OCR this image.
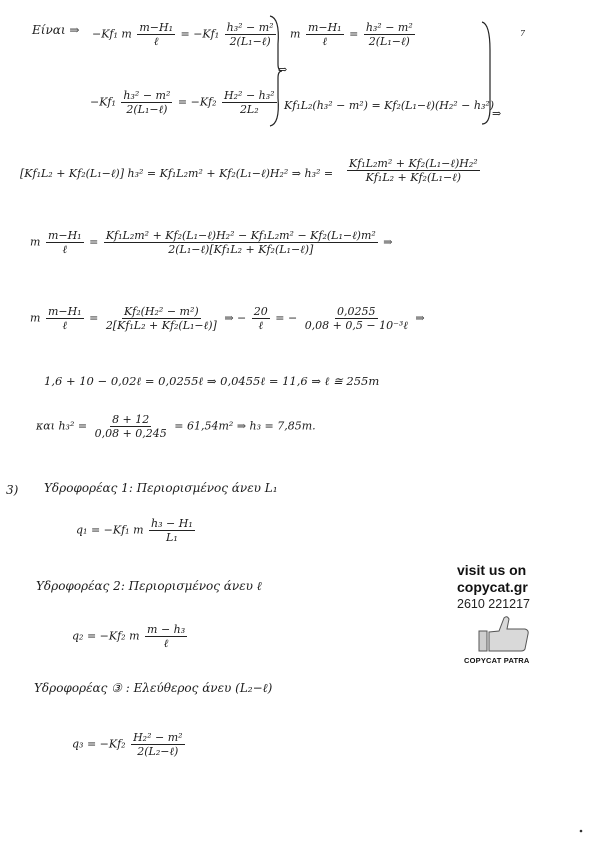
Είναι ⇒ −Kf₁ m $\frac{\text{m−H₁}}{\text{ℓ}} = -Kf_1 \frac{\text{h₃² − m²}}{\text{2(L₁−ℓ)}}$ m $\frac{\text{m−H₁}}{\text{ℓ}} = \frac{\text{h₃² − m²}}{\text{2(L₁−ℓ)}}$	7
$-Kf_1 \frac{\text{h₃² − m²}}{\text{2(L₁−ℓ)}} = -Kf_2 \frac{\text{H₂² − h₃²}}{\text{2L₂}} Kf_1L_2(h_3^2 - m^2)$ = Kf₂(L₁−ℓ)(H₂² − h₃²)
⇒
⇒
[Kf₁L₂ + Kf₂(L₁−ℓ)] h₃² = Kf₁L₂m² + Kf₂(L₁−ℓ)H₂² ⇒ $h_3^2 = \frac{\text{Kf₁L₂m² + Kf₂(L₁−ℓ)H₂²}}{\text{Kf₁L₂ + Kf₂(L₁−ℓ)}}$
m $\frac{\text{m−H₁}}{\text{ℓ}} = \frac{\text{Kf₁L₂m² + Kf₂(L₁−ℓ)H₂² − Kf₁L₂m² − Kf₂(L₁−ℓ)m²}}{\text{2(L₁−ℓ)[Kf₁L₂ + Kf₂(L₁−ℓ)]}}$ ⇒
m $\frac{\text{m−H₁}}{\text{ℓ}} = \frac{\text{Kf₂(H₂² − m²)}}{\text{2[Kf₁L₂ + Kf₂(L₁−ℓ)]}}$ ⇒ − $\frac{20}{\text{ℓ}}$ = − $\frac{0,0255}{\text{0,08 + 0,5 − 10⁻³ℓ}}$ ⇒
1,6 + 10 − 0,02ℓ = 0,0255ℓ ⇒ 0,0455ℓ = 11,6 ⇒ ℓ ≅ 255m
και $h_3^2 = \frac{8 + 12}{0,08 + 0,245} = 61,54m^2$ ⇒ h₃ = 7,85m.
3) Υδροφορέας 1: Περιορισμένος άνευ L₁
q₁ = −Kf₁ m $\frac{\text{h₃ − H₁}}{\text{L₁}}$
Υδροφορέας 2: Περιορισμένος άνευ ℓ
q₂ = −Kf₂ m $\frac{\text{m − h₃}}{\text{ℓ}}$
Υδροφορέας ③ : Ελεύθερος άνευ (L₂−ℓ)
$q_3 = -Kf_2 \frac{\text{H₂² − m²}}{\text{2(L₂−ℓ)}}$
visit us on
copycat.gr
2610 221217
COPYCAT PATRA
